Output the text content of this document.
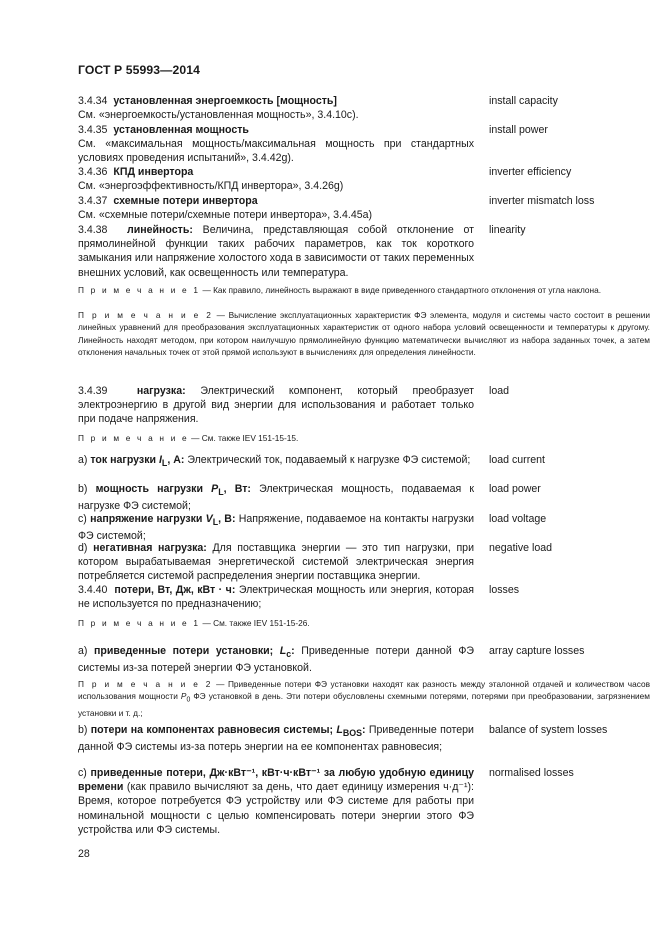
ГОСТ Р 55993—2014
3.4.34 установленная энергоемкость [мощность]
См. «энергоемкость/установленная мощность», 3.4.10с).
install capacity
3.4.35 установленная мощность
См. «максимальная мощность/максимальная мощность при стандартных условиях проведения испытаний», 3.4.42g).
install power
3.4.36 КПД инвертора
См. «энергоэффективность/КПД инвертора», 3.4.26g)
inverter efficiency
3.4.37 схемные потери инвертора
См. «схемные потери/схемные потери инвертора», 3.4.45а)
inverter mismatch loss
3.4.38 линейность: Величина, представляющая собой отклонение от прямолинейной функции таких рабочих параметров, как ток короткого замыкания или напряжение холостого хода в зависимости от таких переменных внешних условий, как освещенность или температура.
linearity
П р и м е ч а н и е 1 — Как правило, линейность выражают в виде приведенного стандартного отклонения от угла наклона.
П р и м е ч а н и е 2 — Вычисление эксплуатационных характеристик ФЭ элемента, модуля и системы часто состоит в решении линейных уравнений для преобразования эксплуатационных характеристик от одного набора условий освещенности и температуры к другому. Линейность находят методом, при котором наилучшую прямолинейную функцию математически вычисляют из набора заданных точек, а затем отклонения начальных точек от этой прямой используют в вычислениях для определения линейности.
3.4.39	нагрузка: Электрический компонент, который преобразует электроэнергию в другой вид энергии для использования и работает только при подаче напряжения.
load
П р и м е ч а н и е — См. также IEV 151-15-15.
а) ток нагрузки $I_L$, А: Электрический ток, подаваемый к нагрузке ФЭ системой;	load current
b) мощность нагрузки $P_L$, Вт: Электрическая мощность, подаваемая к нагрузке ФЭ системой;
load power
с) напряжение нагрузки $V_L$, В: Напряжение, подаваемое на контакты нагрузки ФЭ системой;
load voltage
d) негативная нагрузка: Для поставщика энергии — это тип нагрузки, при котором вырабатываемая энергетической системой электрическая энергия потребляется системой распределения энергии поставщика энергии.
negative load
3.4.40 потери, Вт, Дж, кВт · ч: Электрическая мощность или энергия, которая не используется по предназначению;
losses
П р и м е ч а н и е 1 — См. также IEV 151-15-26.
а) приведенные потери установки; $L_c$: Приведенные потери данной ФЭ системы из-за потерей энергии ФЭ установкой.
array capture losses
П р и м е ч а н и е 2 — Приведенные потери ФЭ установки находят как разность между эталонной отдачей и количеством часов использования мощности $P_0$ ФЭ установкой в день. Эти потери обусловлены схемными потерями, потерями при преобразовании, загрязнением установки и т. д.;
b) потери на компонентах равновесия системы; $L_{BOS}$: Приведенные потери данной ФЭ системы из-за потерь энергии на ее компонентах равновесия;
balance of system losses
с) приведенные потери, Дж·кВт⁻¹, кВт·ч·кВт⁻¹ за любую удобную единицу времени (как правило вычисляют за день, что дает единицу измерения ч·д⁻¹): Время, которое потребуется ФЭ устройству или ФЭ системе для работы при номинальной мощности с целью компенсировать потери энергии этого ФЭ устройства или ФЭ системы.
normalised losses
28
